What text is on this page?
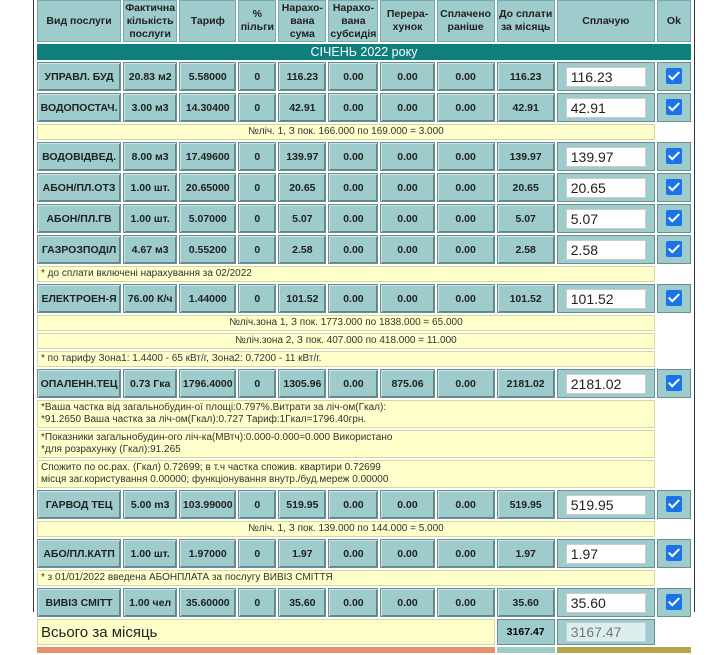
Вид послуги	Фактична кількість послуги	Тариф	% пільги	Нарахо-вана сума	Нарахо-вана субсидія	Перера-хунок	Сплачено раніше	До сплати за місяць	Сплачую	Ok
СІЧЕНЬ 2022 року										
УПРАВЛ. БУД	20.83 м2	5.58000	0	116.23	0.00	0.00	0.00	116.23	116.23	
ВОДОПОСТАЧ.	3.00 м3	14.30400	0	42.91	0.00	0.00	0.00	42.91	42.91	
№ліч. 1, З пок. 166.000 по 169.000 = 3.000										
ВОДОВІДВЕД.	8.00 м3	17.49600	0	139.97	0.00	0.00	0.00	139.97	139.97	
АБОН/ПЛ.ОТЗ	1.00 шт.	20.65000	0	20.65	0.00	0.00	0.00	20.65	20.65	
АБОН/ПЛ.ГВ	1.00 шт.	5.07000	0	5.07	0.00	0.00	0.00	5.07	5.07	
ГАЗРОЗПОДІЛ	4.67 м3	0.55200	0	2.58	0.00	0.00	0.00	2.58	2.58	
* до сплати включені нарахування за 02/2022										
ЕЛЕКТРОЕН-Я	76.00 К/ч	1.44000	0	101.52	0.00	0.00	0.00	101.52	101.52	
№ліч.зона 1, З пок. 1773.000 по 1838.000 = 65.000										
№ліч.зона 2, З пок. 407.000 по 418.000 = 11.000										
* по тарифу Зона1: 1.4400 - 65 кВт/г, Зона2: 0.7200 - 11 кВт/г.										
ОПАЛЕНН.ТЕЦ	0.73 Гка	1796.4000	0	1305.96	0.00	875.06	0.00	2181.02	2181.02	
*Ваша частка від загальнобудин-ої площі:0.797%.Витрати за ліч-ом(Гкал):
*91.2650 Ваша частка за ліч-ом(Гкал):0.727 Тариф:1Гкал=1796.40грн.										
*Показники загальнобудин-ого ліч-ка(МВтч):0.000-0.000=0.000 Використано
*для розрахунку (Гкал):91.265										
Спожито по ос.рах. (Гкал) 0.72699; в т.ч частка спожив. квартири 0.72699
місця заг.користування 0.00000; функціонування внутр./буд.мереж 0.00000										
ГАРВОД ТЕЦ	5.00 m3	103.99000	0	519.95	0.00	0.00	0.00	519.95	519.95	
№ліч. 1, З пок. 139.000 по 144.000 = 5.000										
АБО/ПЛ.КАТП	1.00 шт.	1.97000	0	1.97	0.00	0.00	0.00	1.97	1.97	
* з 01/01/2022 введена АБОНПЛАТА за послугу ВИВІЗ СМІТТЯ										
ВИВІЗ СМІТТ	1.00 чел	35.60000	0	35.60	0.00	0.00	0.00	35.60	35.60	
Всього за місяць								3167.47	3167.47	
